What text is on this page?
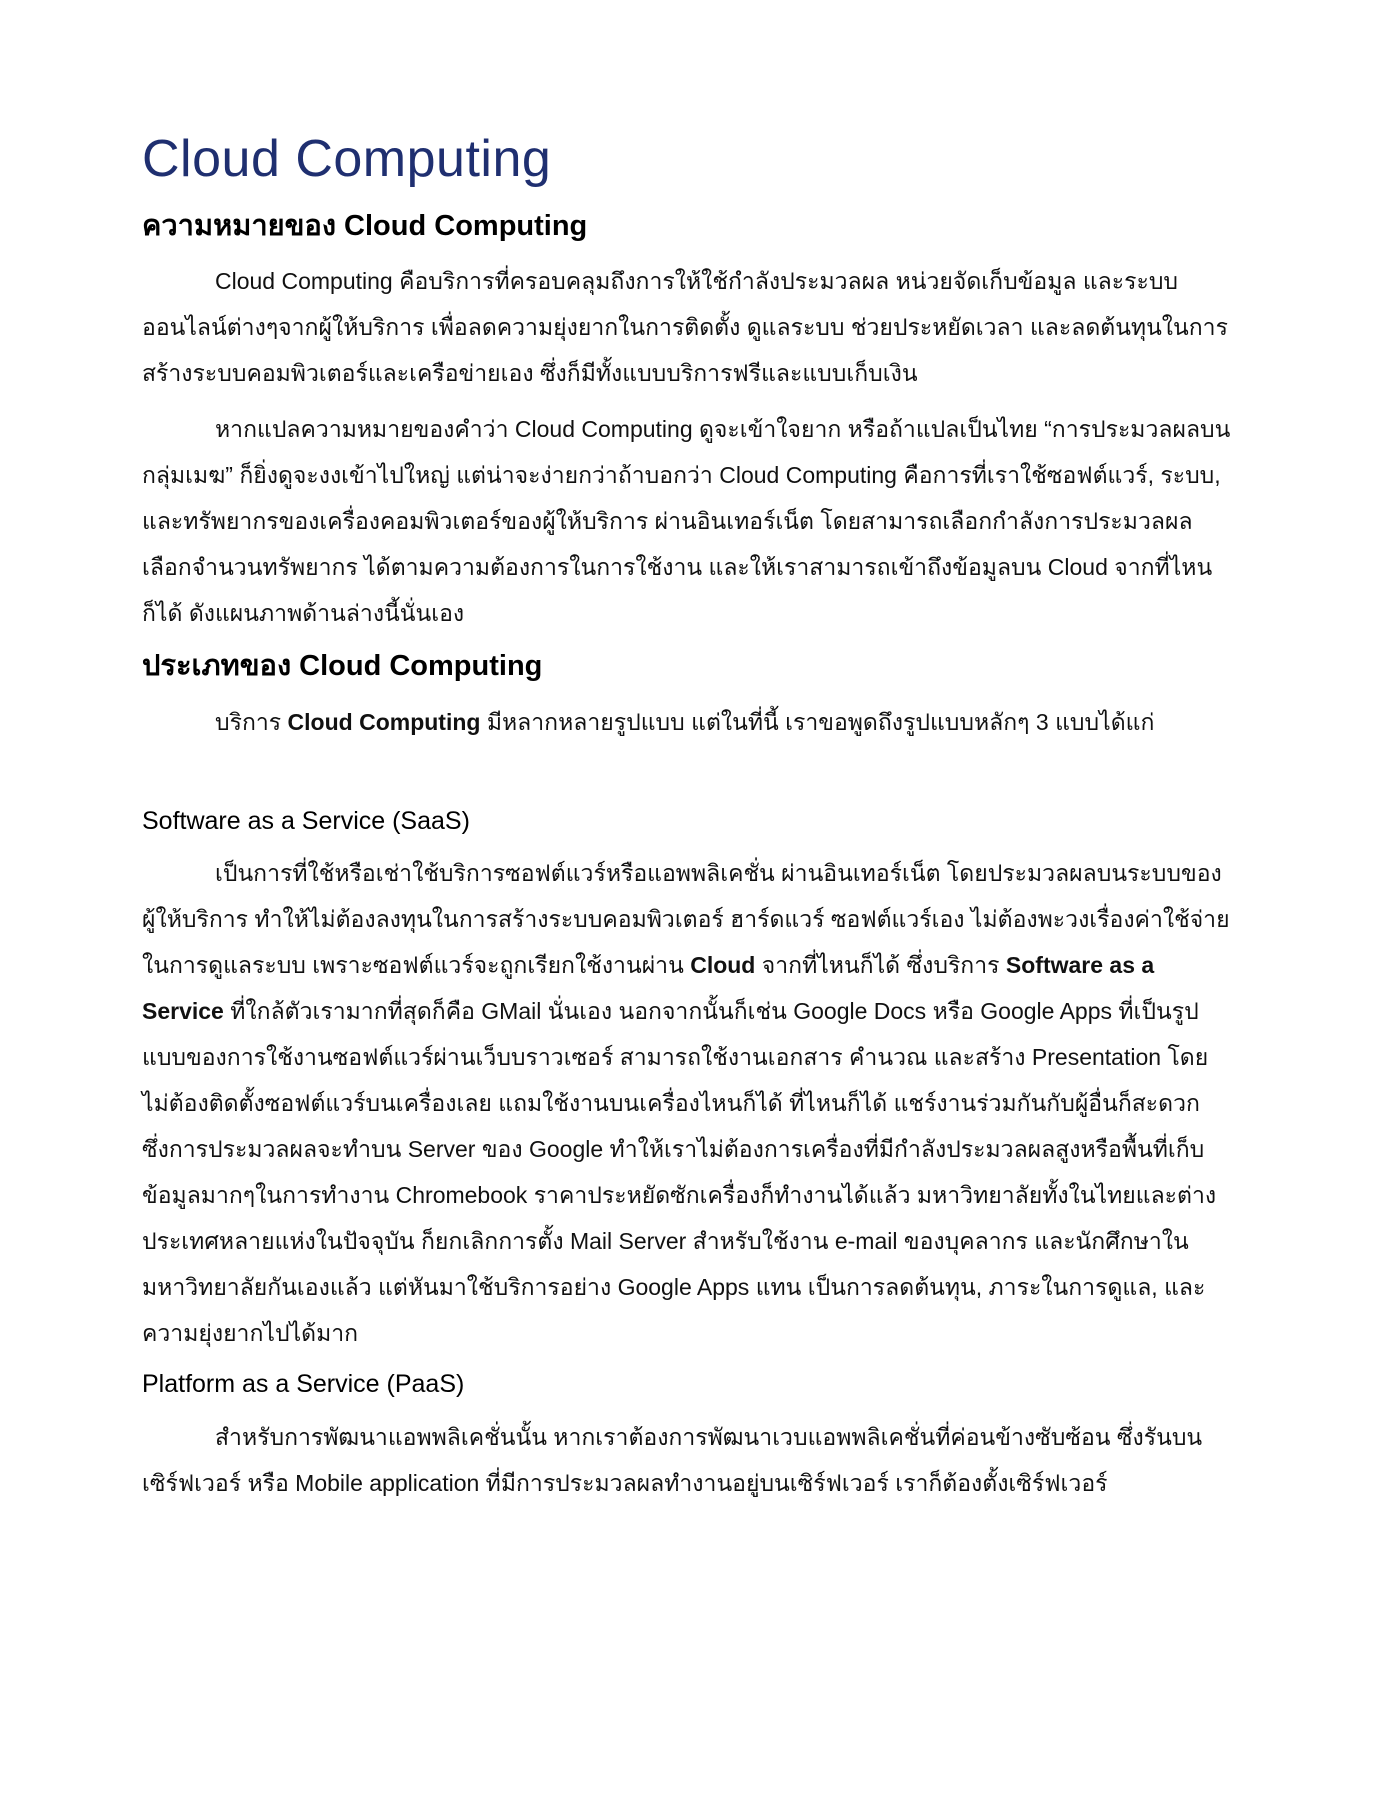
Cloud Computing
ความหมายของ Cloud Computing

Cloud Computing คือบริการที่ครอบคลุมถึงการให้ใช้กำลังประมวลผล หน่วยจัดเก็บข้อมูล และระบบออนไลน์ต่างๆจากผู้ให้บริการ เพื่อลดความยุ่งยากในการติดตั้ง ดูแลระบบ ช่วยประหยัดเวลา และลดต้นทุนในการสร้างระบบคอมพิวเตอร์และเครือข่ายเอง ซึ่งก็มีทั้งแบบบริการฟรีและแบบเก็บเงิน

หากแปลความหมายของคำว่า Cloud Computing ดูจะเข้าใจยาก หรือถ้าแปลเป็นไทย “การประมวลผลบนกลุ่มเมฆ” ก็ยิ่งดูจะงงเข้าไปใหญ่ แต่น่าจะง่ายกว่าถ้าบอกว่า Cloud Computing คือการที่เราใช้ซอฟต์แวร์, ระบบ, และทรัพยากรของเครื่องคอมพิวเตอร์ของผู้ให้บริการ ผ่านอินเทอร์เน็ต โดยสามารถเลือกกำลังการประมวลผล เลือกจำนวนทรัพยากร ได้ตามความต้องการในการใช้งาน และให้เราสามารถเข้าถึงข้อมูลบน Cloud จากที่ไหนก็ได้ ดังแผนภาพด้านล่างนี้นั่นเอง

ประเภทของ Cloud Computing

บริการ Cloud Computing มีหลากหลายรูปแบบ แต่ในที่นี้ เราขอพูดถึงรูปแบบหลักๆ 3 แบบได้แก่

Software as a Service (SaaS)

เป็นการที่ใช้หรือเช่าใช้บริการซอฟต์แวร์หรือแอพพลิเคชั่น ผ่านอินเทอร์เน็ต โดยประมวลผลบนระบบของผู้ให้บริการ ทำให้ไม่ต้องลงทุนในการสร้างระบบคอมพิวเตอร์ ฮาร์ดแวร์ ซอฟต์แวร์เอง ไม่ต้องพะวงเรื่องค่าใช้จ่ายในการดูแลระบบ เพราะซอฟต์แวร์จะถูกเรียกใช้งานผ่าน Cloud จากที่ไหนก็ได้ ซึ่งบริการ Software as a Service ที่ใกล้ตัวเรามากที่สุดก็คือ GMail นั่นเอง นอกจากนั้นก็เช่น Google Docs หรือ Google Apps ที่เป็นรูปแบบของการใช้งานซอฟต์แวร์ผ่านเว็บบราวเซอร์ สามารถใช้งานเอกสาร คำนวณ และสร้าง Presentation โดยไม่ต้องติดตั้งซอฟต์แวร์บนเครื่องเลย แถมใช้งานบนเครื่องไหนก็ได้ ที่ไหนก็ได้ แชร์งานร่วมกันกับผู้อื่นก็สะดวก ซึ่งการประมวลผลจะทำบน Server ของ Google ทำให้เราไม่ต้องการเครื่องที่มีกำลังประมวลผลสูงหรือพื้นที่เก็บข้อมูลมากๆในการทำงาน Chromebook ราคาประหยัดซักเครื่องก็ทำงานได้แล้ว มหาวิทยาลัยทั้งในไทยและต่างประเทศหลายแห่งในปัจจุบัน ก็ยกเลิกการตั้ง Mail Server สำหรับใช้งาน e-mail ของบุคลากร และนักศึกษาในมหาวิทยาลัยกันเองแล้ว แต่หันมาใช้บริการอย่าง Google Apps แทน เป็นการลดต้นทุน, ภาระในการดูแล, และความยุ่งยากไปได้มาก

Platform as a Service (PaaS)

สำหรับการพัฒนาแอพพลิเคชั่นนั้น หากเราต้องการพัฒนาเวบแอพพลิเคชั่นที่ค่อนข้างซับซ้อน ซึ่งรันบนเซิร์ฟเวอร์ หรือ Mobile application ที่มีการประมวลผลทำงานอยู่บนเซิร์ฟเวอร์ เราก็ต้องตั้งเซิร์ฟเวอร์
